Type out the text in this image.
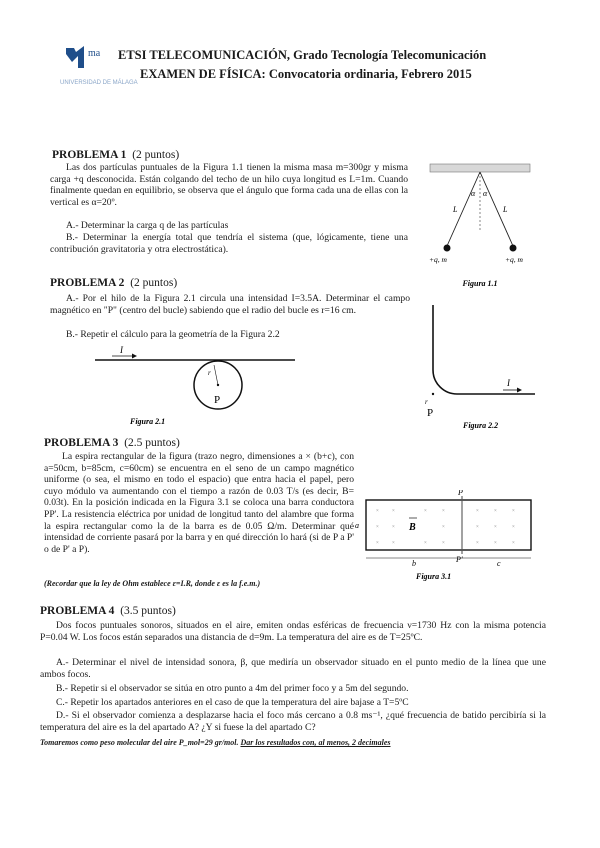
ma
UNIVERSIDAD DE MÁLAGA
ETSI TELECOMUNICACIÓN, Grado Tecnología Telecomunicación
EXAMEN DE FÍSICA: Convocatoria ordinaria, Febrero 2015
PROBLEMA 1 (2 puntos)
Las dos partículas puntuales de la Figura 1.1 tienen la misma masa m=300gr y misma carga +q desconocida. Están colgando del techo de un hilo cuya longitud es L=1m. Cuando finalmente quedan en equilibrio, se observa que el ángulo que forma cada una de ellas con la vertical es α=20º.
A.- Determinar la carga q de las partículas
B.- Determinar la energía total que tendría el sistema (que, lógicamente, tiene una contribución gravitatoria y otra electrostática).
L	L
α α
+q, m	+q, m
Figura 1.1
PROBLEMA 2 (2 puntos)
A.- Por el hilo de la Figura 2.1 circula una intensidad I=3.5A. Determinar el campo magnético en "P" (centro del bucle) sabiendo que el radio del bucle es r=16 cm.
B.- Repetir el cálculo para la geometría de la Figura 2.2
I
r
P
Figura 2.1
I
r
P
Figura 2.2
PROBLEMA 3 (2.5 puntos)
La espira rectangular de la figura (trazo negro, dimensiones a × (b+c), con a=50cm, b=85cm, c=60cm) se encuentra en el seno de un campo magnético uniforme (o sea, el mismo en todo el espacio) que entra hacia el papel, pero cuyo módulo va aumentando con el tiempo a razón de 0.03 T/s (es decir, B= 0.03t). En la posición indicada en la Figura 3.1 se coloca una barra conductora PP'. La resistencia eléctrica por unidad de longitud tanto del alambre que forma la espira rectangular como la de la barra es de 0.05 Ω/m. Determinar qué intensidad de corriente pasará por la barra y en qué dirección lo hará (si de P a P' o de P' a P).
(Recordar que la ley de Ohm establece ε=I.R, donde ε es la f.e.m.)
P
P'
×	×	×	×	×	×	×
×	×	×	×	×	×
×	×	×	×	×	×	×
B
a
b	c
Figura 3.1
PROBLEMA 4 (3.5 puntos)
Dos focos puntuales sonoros, situados en el aire, emiten ondas esféricas de frecuencia ν=1730 Hz con la misma potencia P=0.04 W. Los focos están separados una distancia de d=9m. La temperatura del aire es de T=25ºC.
A.- Determinar el nivel de intensidad sonora, β, que mediría un observador situado en el punto medio de la línea que une ambos focos.
B.- Repetir si el observador se sitúa en otro punto a 4m del primer foco y a 5m del segundo.
C.- Repetir los apartados anteriores en el caso de que la temperatura del aire bajase a T=5ºC
D.- Si el observador comienza a desplazarse hacia el foco más cercano a 0.8 ms⁻¹, ¿qué frecuencia de batido percibiría si la temperatura del aire es la del apartado A? ¿Y si fuese la del apartado C?
Tomaremos como peso molecular del aire P_mol=29 gr/mol. Dar los resultados con, al menos, 2 decimales
